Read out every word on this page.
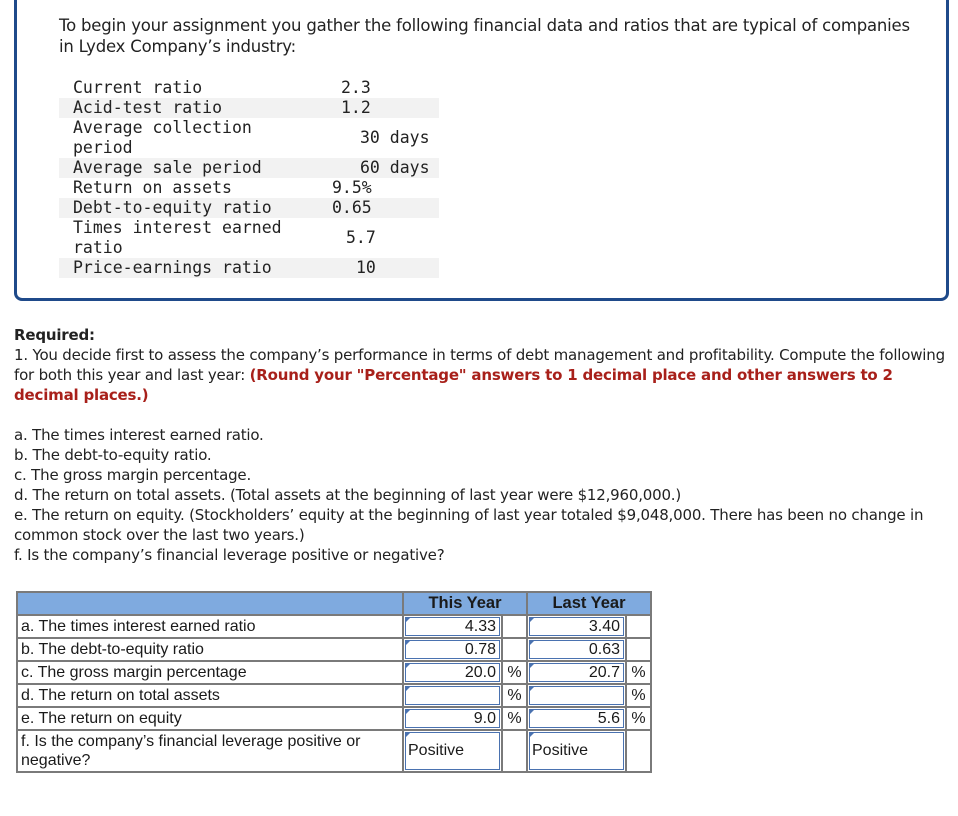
To begin your assignment you gather the following financial data and ratios that are typical of companies in Lydex Company’s industry:
Current ratio	2.3
Acid-test ratio	1.2
Average collection period	30 days
Average sale period	60 days
Return on assets	9.5%
Debt-to-equity ratio	0.65
Times interest earned ratio	5.7
Price-earnings ratio	10
Required:
1. You decide first to assess the company’s performance in terms of debt management and profitability. Compute the following for both this year and last year: (Round your "Percentage" answers to 1 decimal place and other answers to 2 decimal places.)
a. The times interest earned ratio.
b. The debt-to-equity ratio.
c. The gross margin percentage.
d. The return on total assets. (Total assets at the beginning of last year were $12,960,000.)
e. The return on equity. (Stockholders’ equity at the beginning of last year totaled $9,048,000. There has been no change in common stock over the last two years.)
f. Is the company’s financial leverage positive or negative?
	This Year		Last Year	
a. The times interest earned ratio	4.33		3.40	

b. The debt-to-equity ratio	0.78		0.63	

c. The gross margin percentage	20.0	%	20.7	%
d. The return on total assets		%		%
e. The return on equity	9.0	%	5.6	%
f. Is the company’s financial leverage positive or negative?	Positive		Positive	
